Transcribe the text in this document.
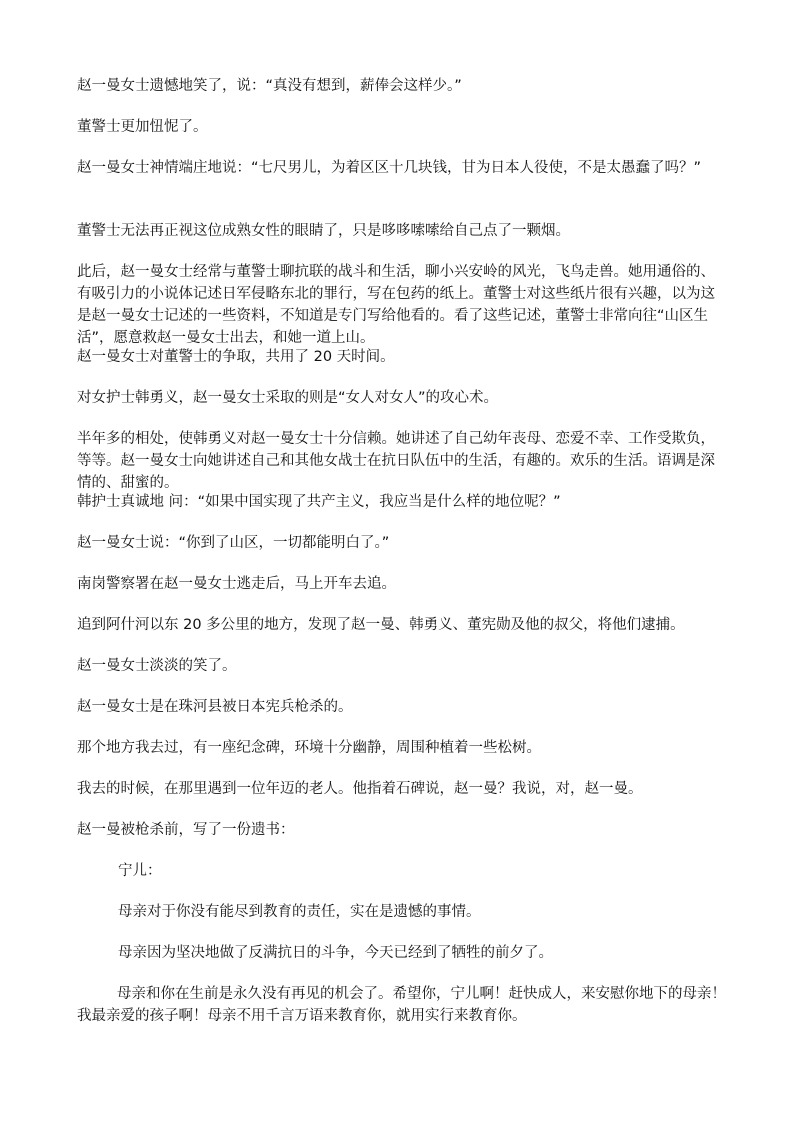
赵一曼女士遗憾地笑了，说：“真没有想到，薪俸会这样少。”

董警士更加忸怩了。

赵一曼女士神情端庄地说：“七尺男儿，为着区区十几块钱，甘为日本人役使，不是太愚蠢了吗？”

董警士无法再正视这位成熟女性的眼睛了，只是哆哆嗦嗦给自己点了一颗烟。

此后，赵一曼女士经常与董警士聊抗联的战斗和生活，聊小兴安岭的风光，飞鸟走兽。她用通俗的、有吸引力的小说体记述日军侵略东北的罪行，写在包药的纸上。董警士对这些纸片很有兴趣，以为这是赵一曼女士记述的一些资料，不知道是专门写给他看的。看了这些记述，董警士非常向往“山区生活”，愿意救赵一曼女士出去，和她一道上山。

赵一曼女士对董警士的争取，共用了 20 天时间。

对女护士韩勇义，赵一曼女士采取的则是“女人对女人”的攻心术。

半年多的相处，使韩勇义对赵一曼女士十分信赖。她讲述了自己幼年丧母、恋爱不幸、工作受欺负，等等。赵一曼女士向她讲述自己和其他女战士在抗日队伍中的生活，有趣的。欢乐的生活。语调是深情的、甜蜜的。

韩护士真诚地 问：“如果中国实现了共产主义，我应当是什么样的地位呢？”

赵一曼女士说：“你到了山区，一切都能明白了。”

南岗警察署在赵一曼女士逃走后，马上开车去追。

追到阿什河以东 20 多公里的地方，发现了赵一曼、韩勇义、董宪勋及他的叔父，将他们逮捕。

赵一曼女士淡淡的笑了。

赵一曼女士是在珠河县被日本宪兵枪杀的。

那个地方我去过，有一座纪念碑，环境十分幽静，周围种植着一些松树。

我去的时候，在那里遇到一位年迈的老人。他指着石碑说，赵一曼？我说，对，赵一曼。

赵一曼被枪杀前，写了一份遗书：

宁儿：

母亲对于你没有能尽到教育的责任，实在是遗憾的事情。

母亲因为坚决地做了反满抗日的斗争，今天已经到了牺牲的前夕了。

母亲和你在生前是永久没有再见的机会了。希望你，宁儿啊！赶快成人，来安慰你地下的母亲！我最亲爱的孩子啊！母亲不用千言万语来教育你，就用实行来教育你。
